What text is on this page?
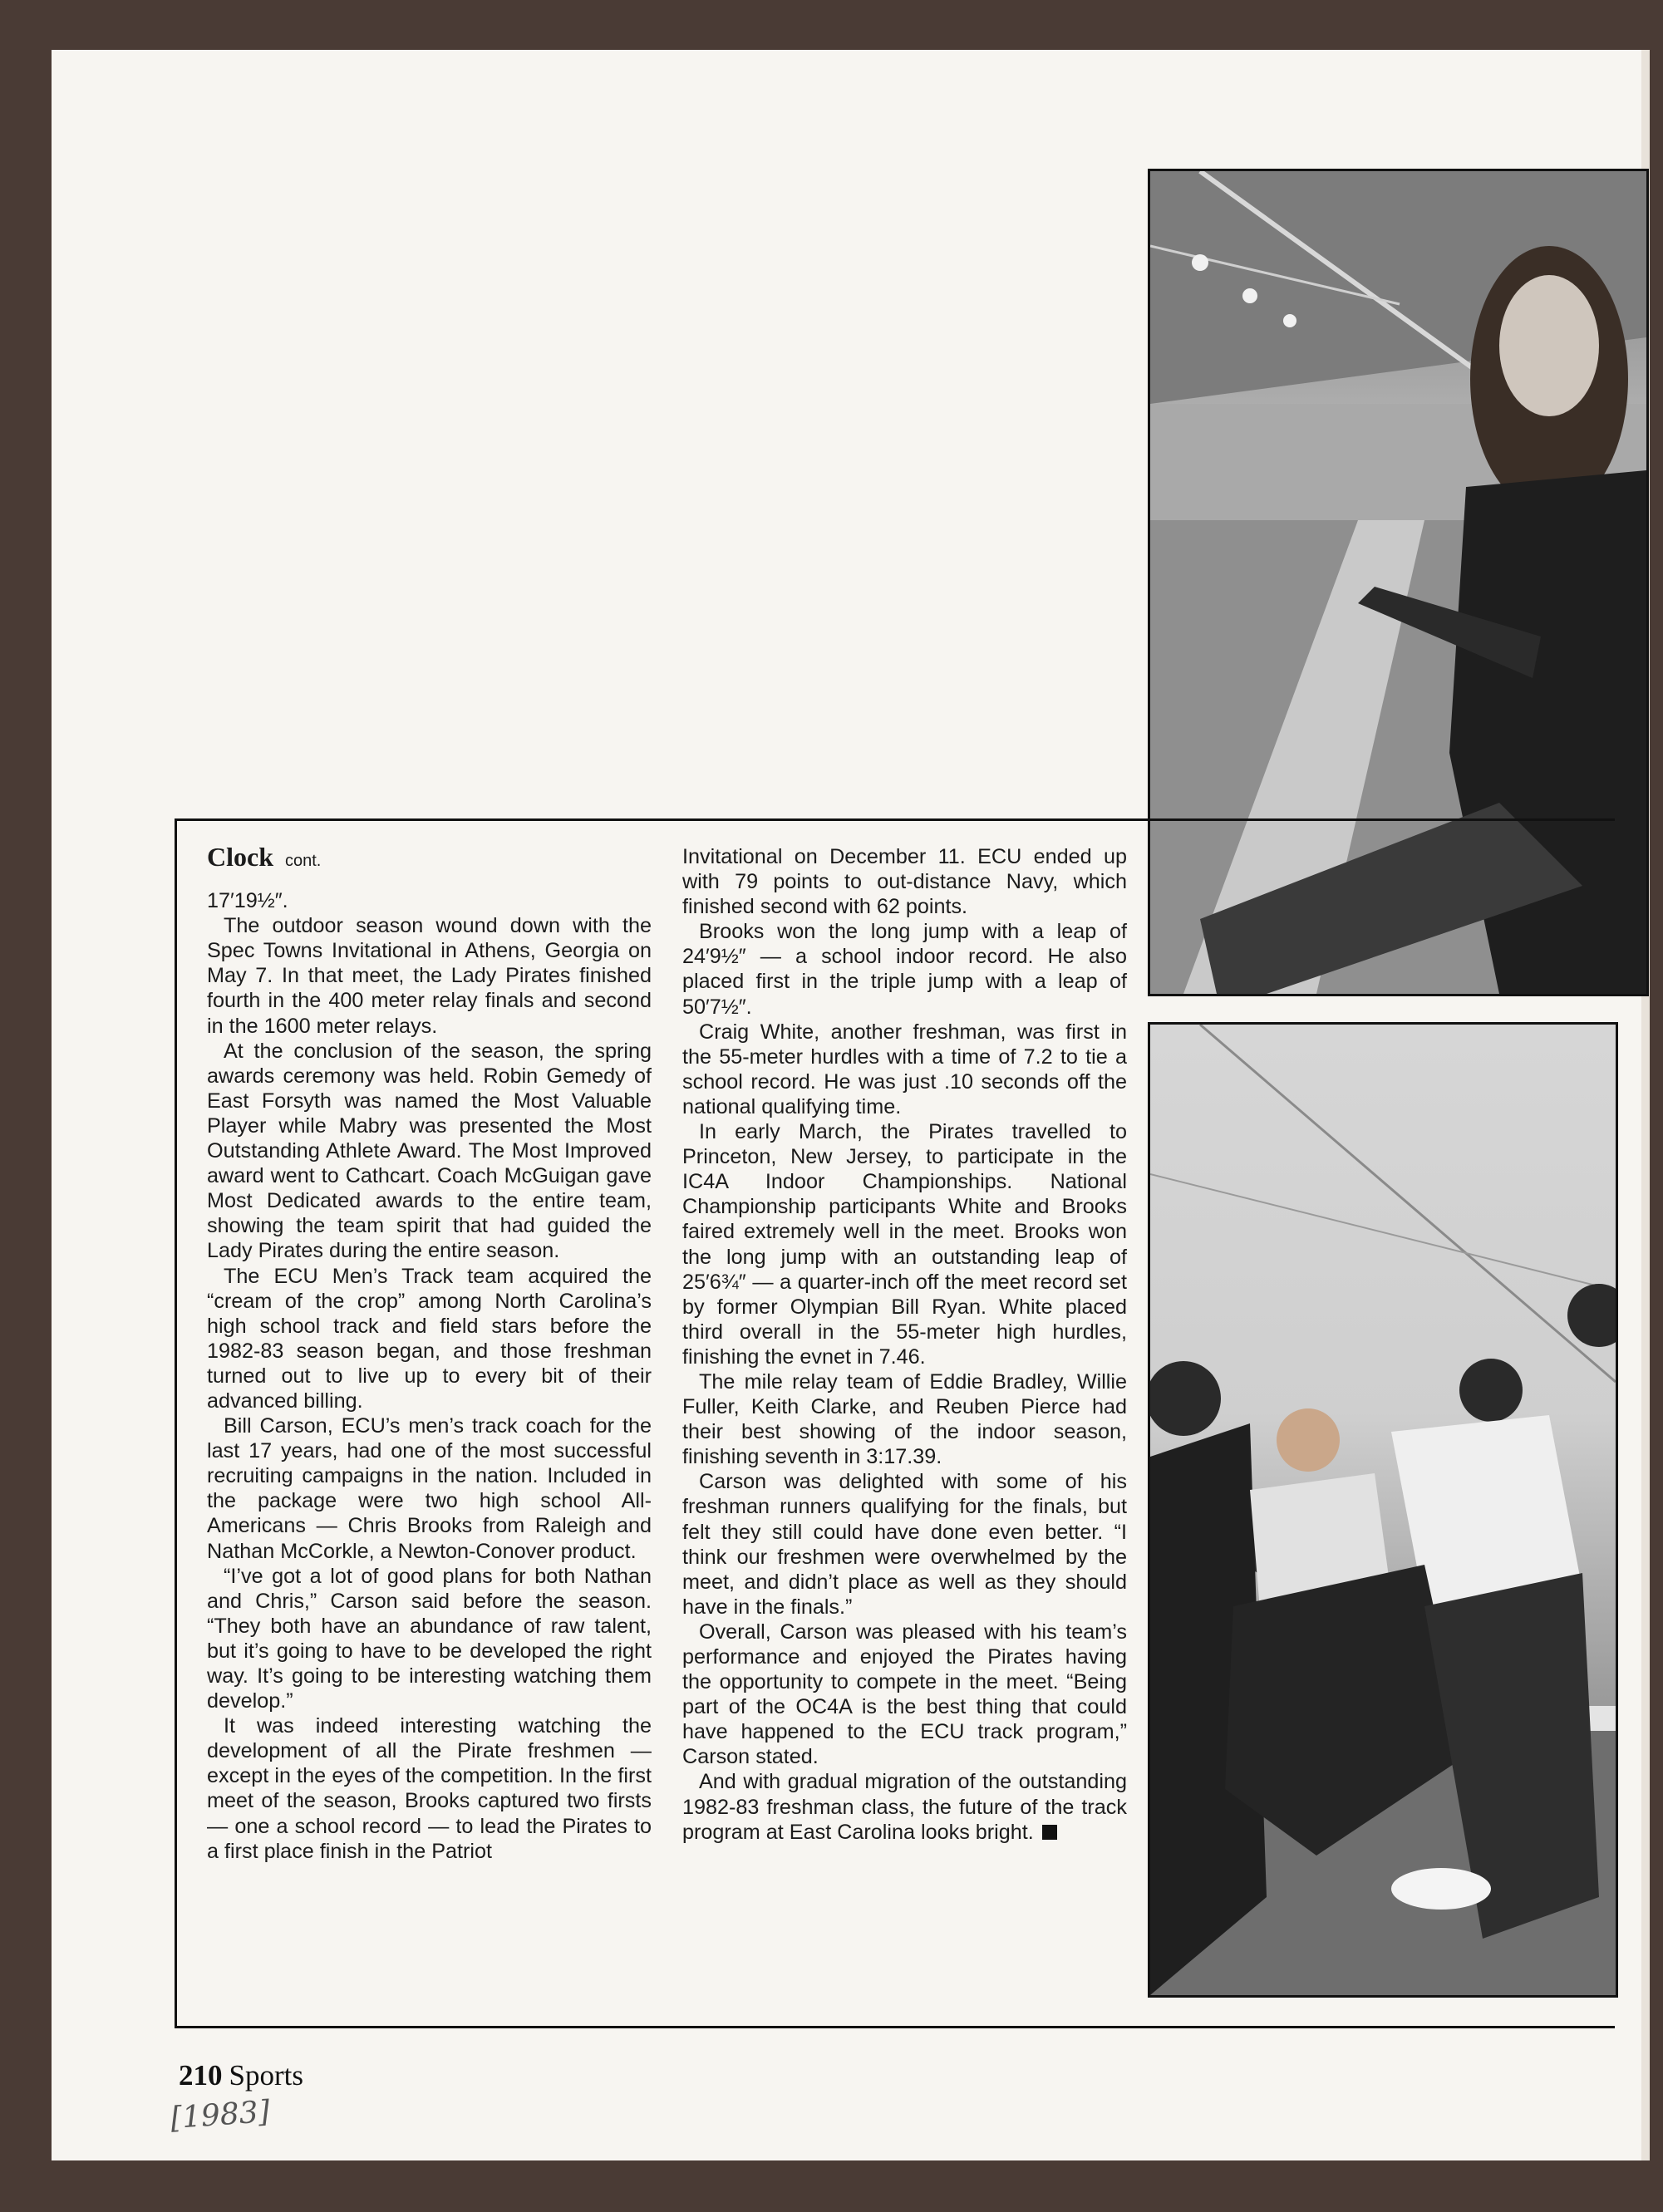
Clock cont.

17′19½″.

The outdoor season wound down with the Spec Towns Invitational in Athens, Georgia on May 7. In that meet, the Lady Pirates finished fourth in the 400 meter relay finals and second in the 1600 meter relays.

At the conclusion of the season, the spring awards ceremony was held. Robin Gemedy of East Forsyth was named the Most Valuable Player while Mabry was presented the Most Outstanding Athlete Award. The Most Improved award went to Cathcart. Coach McGuigan gave Most Dedicated awards to the entire team, showing the team spirit that had guided the Lady Pirates during the entire season.

The ECU Men’s Track team acquired the “cream of the crop” among North Carolina’s high school track and field stars before the 1982-83 season began, and those freshman turned out to live up to every bit of their advanced billing.

Bill Carson, ECU’s men’s track coach for the last 17 years, had one of the most successful recruiting campaigns in the nation. Included in the package were two high school All-Americans — Chris Brooks from Raleigh and Nathan McCorkle, a Newton-Conover product.

“I’ve got a lot of good plans for both Nathan and Chris,” Carson said before the season. “They both have an abundance of raw talent, but it’s going to have to be developed the right way. It’s going to be interesting watching them develop.”

It was indeed interesting watching the development of all the Pirate freshmen — except in the eyes of the competition. In the first meet of the season, Brooks captured two firsts — one a school record — to lead the Pirates to a first place finish in the Patriot

Invitational on December 11. ECU ended up with 79 points to out-distance Navy, which finished second with 62 points.

Brooks won the long jump with a leap of 24′9½″ — a school indoor record. He also placed first in the triple jump with a leap of 50′7½″.

Craig White, another freshman, was first in the 55-meter hurdles with a time of 7.2 to tie a school record. He was just .10 seconds off the national qualifying time.

In early March, the Pirates travelled to Princeton, New Jersey, to participate in the IC4A Indoor Championships. National Championship participants White and Brooks faired extremely well in the meet. Brooks won the long jump with an outstanding leap of 25′6¾″ — a quarter-inch off the meet record set by former Olympian Bill Ryan. White placed third overall in the 55-meter high hurdles, finishing the evnet in 7.46.

The mile relay team of Eddie Bradley, Willie Fuller, Keith Clarke, and Reuben Pierce had their best showing of the indoor season, finishing seventh in 3:17.39.

Carson was delighted with some of his freshman runners qualifying for the finals, but felt they still could have done even better. “I think our freshmen were overwhelmed by the meet, and didn’t place as well as they should have in the finals.”

Overall, Carson was pleased with his team’s performance and enjoyed the Pirates having the opportunity to compete in the meet. “Being part of the OC4A is the best thing that could have happened to the ECU track program,” Carson stated.

And with gradual migration of the outstanding 1982-83 freshman class, the future of the track program at East Carolina looks bright.

210 Sports
[1983]
